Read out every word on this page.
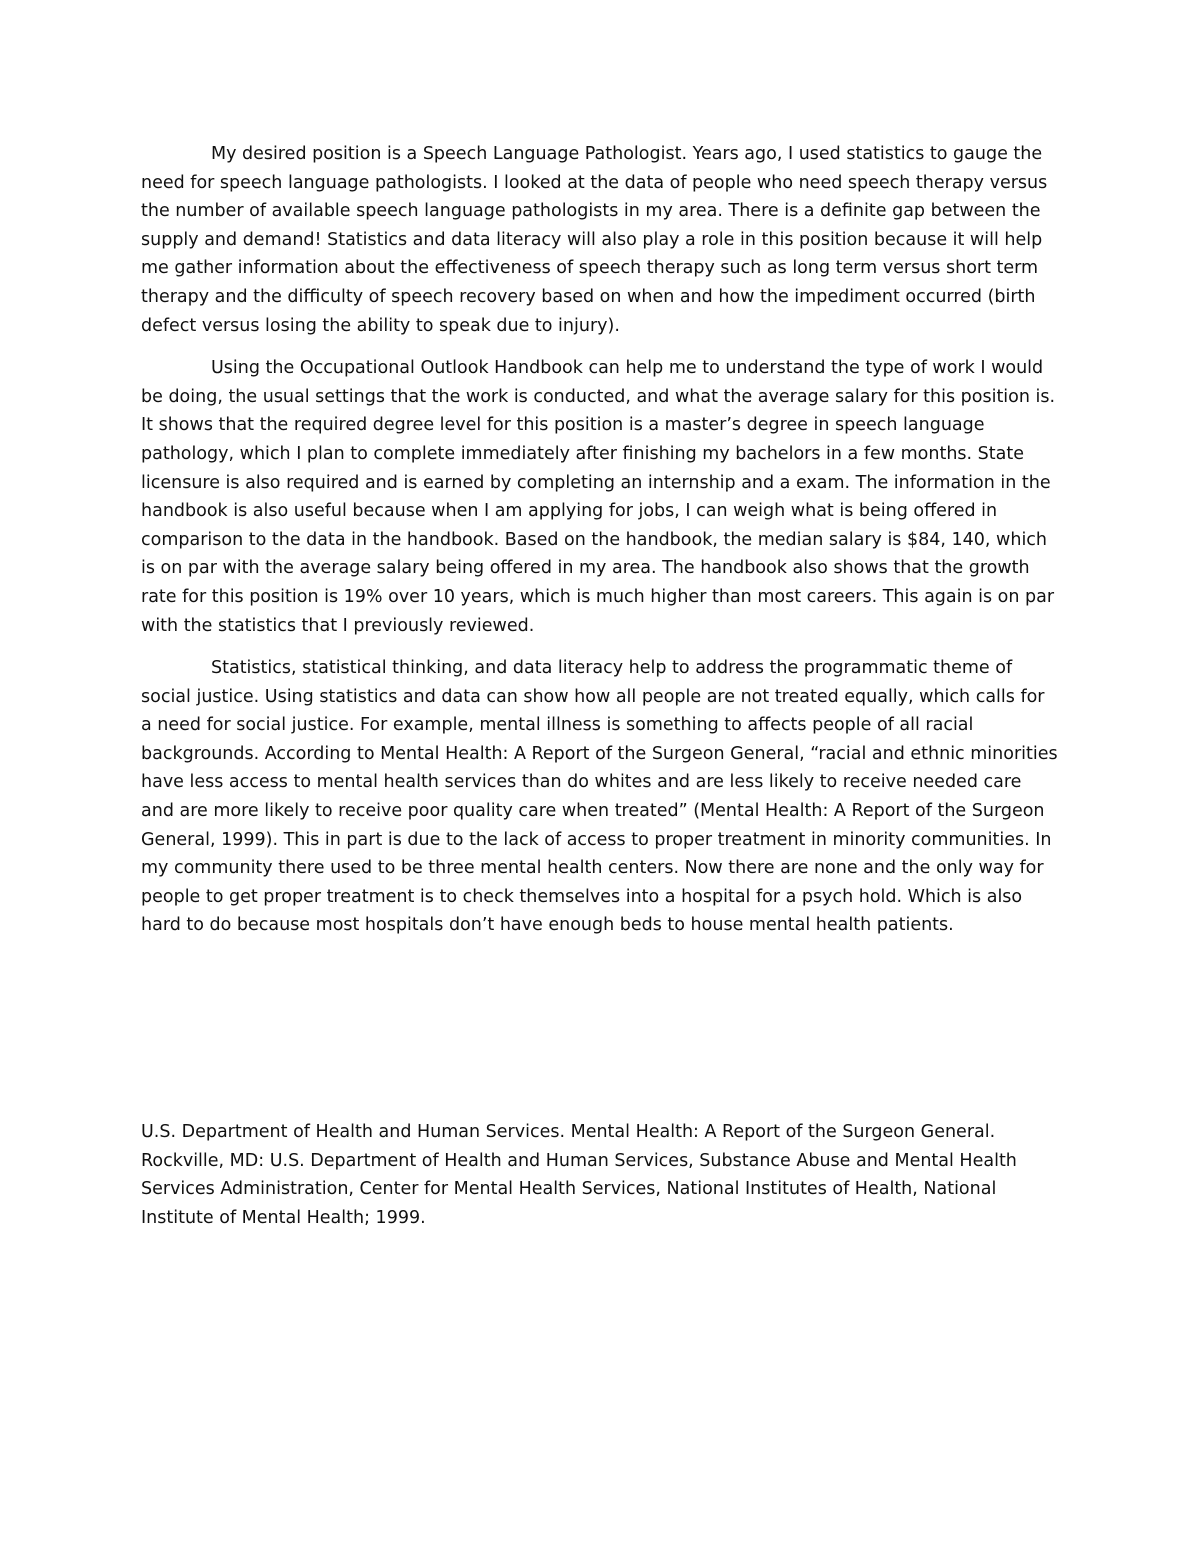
My desired position is a Speech Language Pathologist. Years ago, I used statistics to gauge the need for speech language pathologists. I looked at the data of people who need speech therapy versus the number of available speech language pathologists in my area. There is a definite gap between the supply and demand! Statistics and data literacy will also play a role in this position because it will help me gather information about the effectiveness of speech therapy such as long term versus short term therapy and the difficulty of speech recovery based on when and how the impediment occurred (birth defect versus losing the ability to speak due to injury).

Using the Occupational Outlook Handbook can help me to understand the type of work I would be doing, the usual settings that the work is conducted, and what the average salary for this position is. It shows that the required degree level for this position is a master’s degree in speech language pathology, which I plan to complete immediately after finishing my bachelors in a few months. State licensure is also required and is earned by completing an internship and a exam. The information in the handbook is also useful because when I am applying for jobs, I can weigh what is being offered in comparison to the data in the handbook. Based on the handbook, the median salary is $84, 140, which is on par with the average salary being offered in my area. The handbook also shows that the growth rate for this position is 19% over 10 years, which is much higher than most careers. This again is on par with the statistics that I previously reviewed.

Statistics, statistical thinking, and data literacy help to address the programmatic theme of social justice. Using statistics and data can show how all people are not treated equally, which calls for a need for social justice. For example, mental illness is something to affects people of all racial backgrounds. According to Mental Health: A Report of the Surgeon General, “racial and ethnic minorities have less access to mental health services than do whites and are less likely to receive needed care and are more likely to receive poor quality care when treated” (Mental Health: A Report of the Surgeon General, 1999). This in part is due to the lack of access to proper treatment in minority communities. In my community there used to be three mental health centers. Now there are none and the only way for people to get proper treatment is to check themselves into a hospital for a psych hold. Which is also hard to do because most hospitals don’t have enough beds to house mental health patients.

U.S. Department of Health and Human Services. Mental Health: A Report of the Surgeon General. Rockville, MD: U.S. Department of Health and Human Services, Substance Abuse and Mental Health Services Administration, Center for Mental Health Services, National Institutes of Health, National Institute of Mental Health; 1999.
